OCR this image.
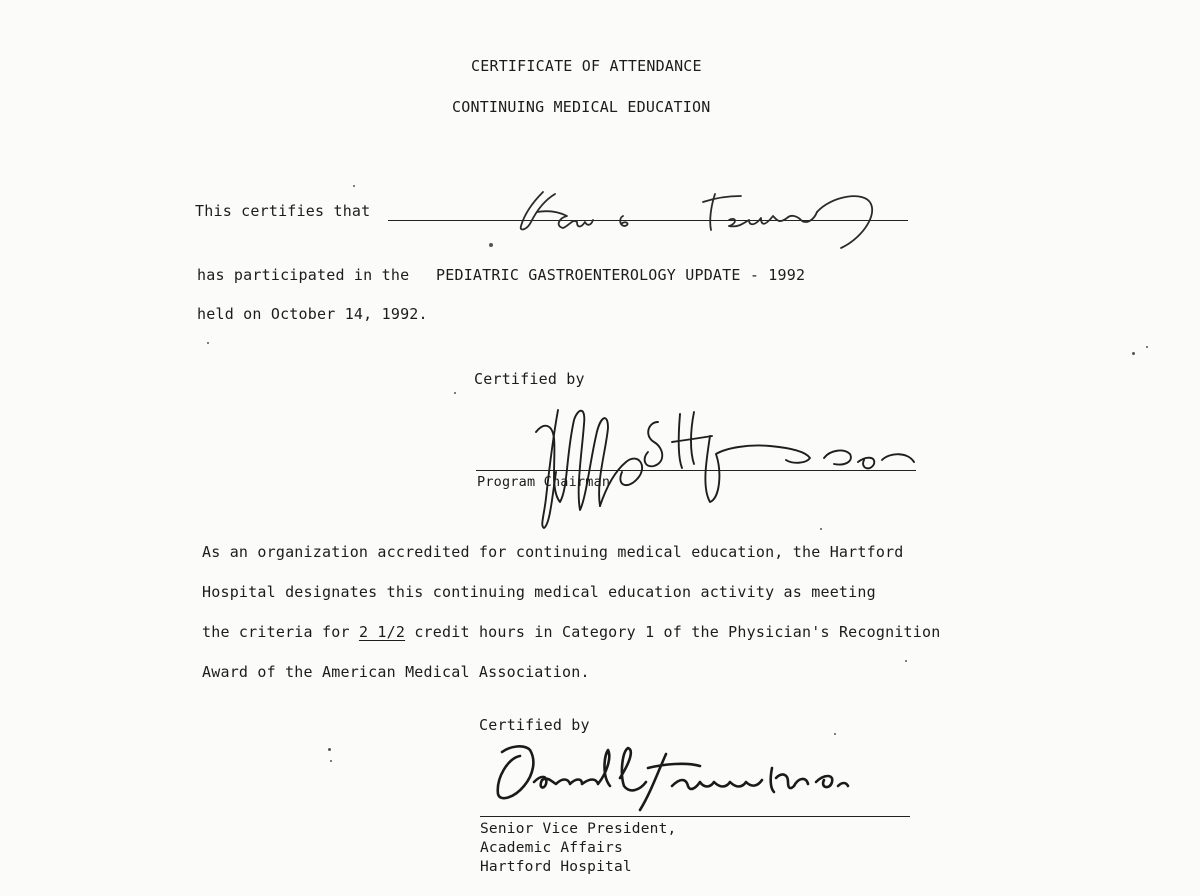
CERTIFICATE OF ATTENDANCE
CONTINUING MEDICAL EDUCATION
This certifies that
has participated in the PEDIATRIC GASTROENTEROLOGY UPDATE - 1992
held on October 14, 1992.
Certified by
Program Chairman
As an organization accredited for continuing medical education, the Hartford
Hospital designates this continuing medical education activity as meeting
the criteria for 2 1/2 credit hours in Category 1 of the Physician's Recognition
Award of the American Medical Association.
Certified by
Senior Vice President,
Academic Affairs
Hartford Hospital
